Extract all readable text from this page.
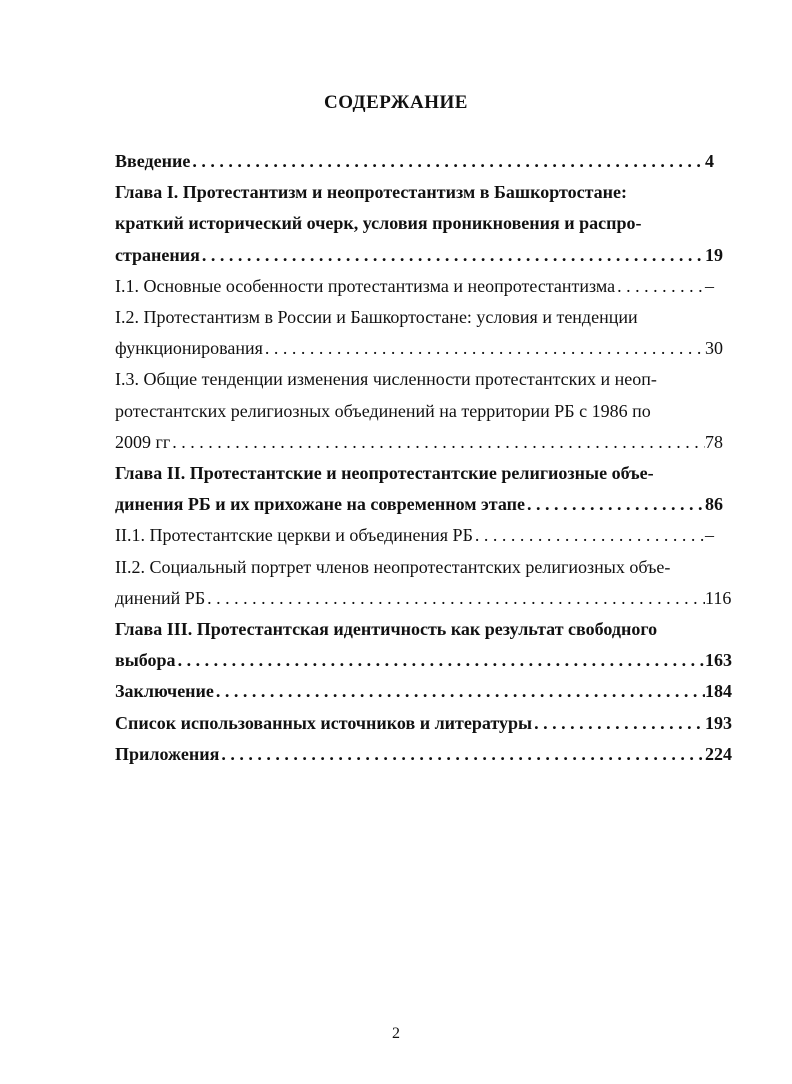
СОДЕРЖАНИЕ
Введение . . .	4
Глава I. Протестантизм и неопротестантизм в Башкортостане:
краткий исторический очерк, условия проникновения и распро-
странения . . .	19
I.1. Основные особенности протестантизма и неопротестантизма . . .	–
I.2. Протестантизм в России и Башкортостане: условия и тенденции
функционирования . . .	30
I.3. Общие тенденции изменения численности протестантских и неоп-
ротестантских религиозных объединений на территории РБ с 1986 по
2009 гг . . .	78
Глава II. Протестантские и неопротестантские религиозные объе-
динения РБ и их прихожане на современном этапе . . .	86
II.1. Протестантские церкви и объединения РБ . . .	–
II.2. Социальный портрет членов неопротестантских религиозных объе-
динений РБ . . .	116
Глава III. Протестантская идентичность как результат свободного
выбора . . .	163
Заключение . . .	184
Список использованных источников и литературы . . .	193
Приложения . . .	224
2
